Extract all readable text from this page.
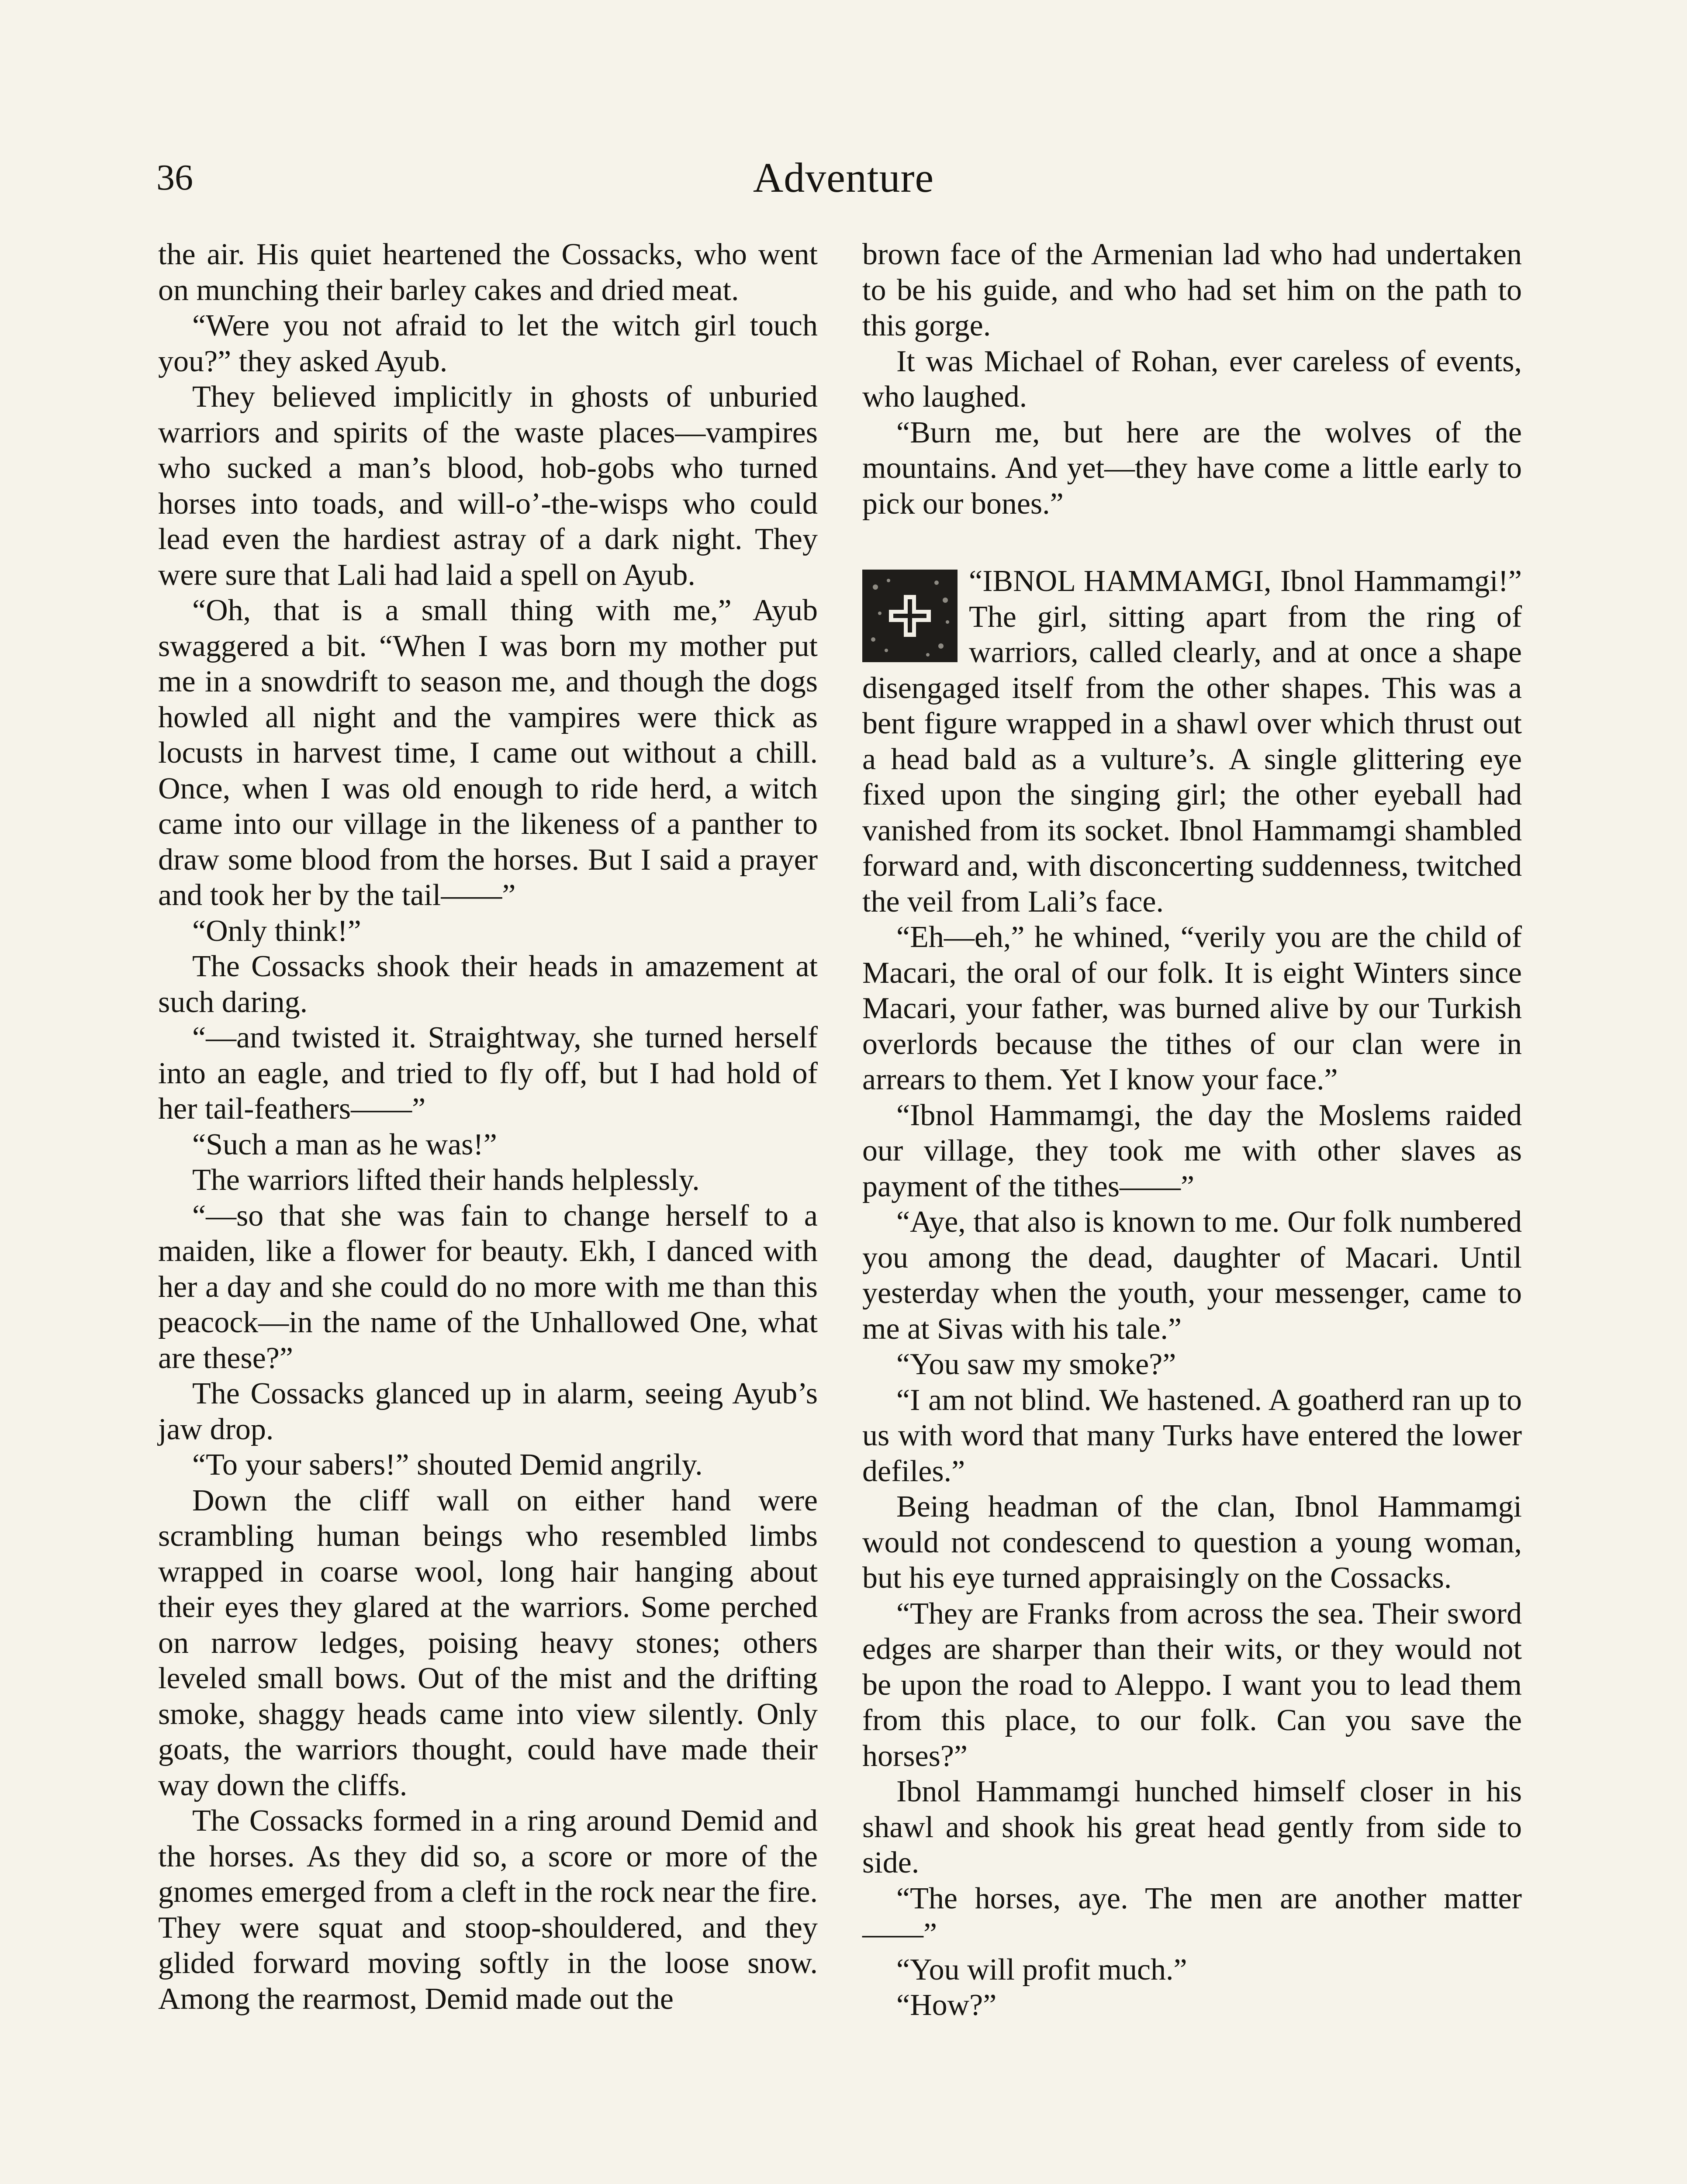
36	Adventure

the air. His quiet heartened the Cossacks, who went on munching their barley cakes and dried meat.

“Were you not afraid to let the witch girl touch you?” they asked Ayub.

They believed implicitly in ghosts of unburied warriors and spirits of the waste places—vampires who sucked a man’s blood, hob-gobs who turned horses into toads, and will-o’-the-wisps who could lead even the hardiest astray of a dark night. They were sure that Lali had laid a spell on Ayub.

“Oh, that is a small thing with me,” Ayub swaggered a bit. “When I was born my mother put me in a snowdrift to season me, and though the dogs howled all night and the vampires were thick as locusts in harvest time, I came out without a chill. Once, when I was old enough to ride herd, a witch came into our village in the likeness of a panther to draw some blood from the horses. But I said a prayer and took her by the tail——”

“Only think!”

The Cossacks shook their heads in amazement at such daring.

“—and twisted it. Straightway, she turned herself into an eagle, and tried to fly off, but I had hold of her tail-feathers——”

“Such a man as he was!”

The warriors lifted their hands helplessly.

“—so that she was fain to change herself to a maiden, like a flower for beauty. Ekh, I danced with her a day and she could do no more with me than this peacock—in the name of the Unhallowed One, what are these?”

The Cossacks glanced up in alarm, seeing Ayub’s jaw drop.

“To your sabers!” shouted Demid angrily.

Down the cliff wall on either hand were scrambling human beings who resembled limbs wrapped in coarse wool, long hair hanging about their eyes they glared at the warriors. Some perched on narrow ledges, poising heavy stones; others leveled small bows. Out of the mist and the drifting smoke, shaggy heads came into view silently. Only goats, the warriors thought, could have made their way down the cliffs.

The Cossacks formed in a ring around Demid and the horses. As they did so, a score or more of the gnomes emerged from a cleft in the rock near the fire. They were squat and stoop-shouldered, and they glided forward moving softly in the loose snow. Among the rearmost, Demid made out the

brown face of the Armenian lad who had undertaken to be his guide, and who had set him on the path to this gorge.

It was Michael of Rohan, ever careless of events, who laughed.

“Burn me, but here are the wolves of the mountains. And yet—they have come a little early to pick our bones.”

“IBNOL HAMMAMGI, Ibnol Hammamgi!” The girl, sitting apart from the ring of warriors, called clearly, and at once a shape disengaged itself from the other shapes. This was a bent figure wrapped in a shawl over which thrust out a head bald as a vulture’s. A single glittering eye fixed upon the singing girl; the other eyeball had vanished from its socket. Ibnol Hammamgi shambled forward and, with disconcerting suddenness, twitched the veil from Lali’s face.

“Eh—eh,” he whined, “verily you are the child of Macari, the oral of our folk. It is eight Winters since Macari, your father, was burned alive by our Turkish overlords because the tithes of our clan were in arrears to them. Yet I know your face.”

“Ibnol Hammamgi, the day the Moslems raided our village, they took me with other slaves as payment of the tithes——”

“Aye, that also is known to me. Our folk numbered you among the dead, daughter of Macari. Until yesterday when the youth, your messenger, came to me at Sivas with his tale.”

“You saw my smoke?”

“I am not blind. We hastened. A goatherd ran up to us with word that many Turks have entered the lower defiles.”

Being headman of the clan, Ibnol Hammamgi would not condescend to question a young woman, but his eye turned appraisingly on the Cossacks.

“They are Franks from across the sea. Their sword edges are sharper than their wits, or they would not be upon the road to Aleppo. I want you to lead them from this place, to our folk. Can you save the horses?”

Ibnol Hammamgi hunched himself closer in his shawl and shook his great head gently from side to side.

“The horses, aye. The men are another matter——”

“You will profit much.”

“How?”
